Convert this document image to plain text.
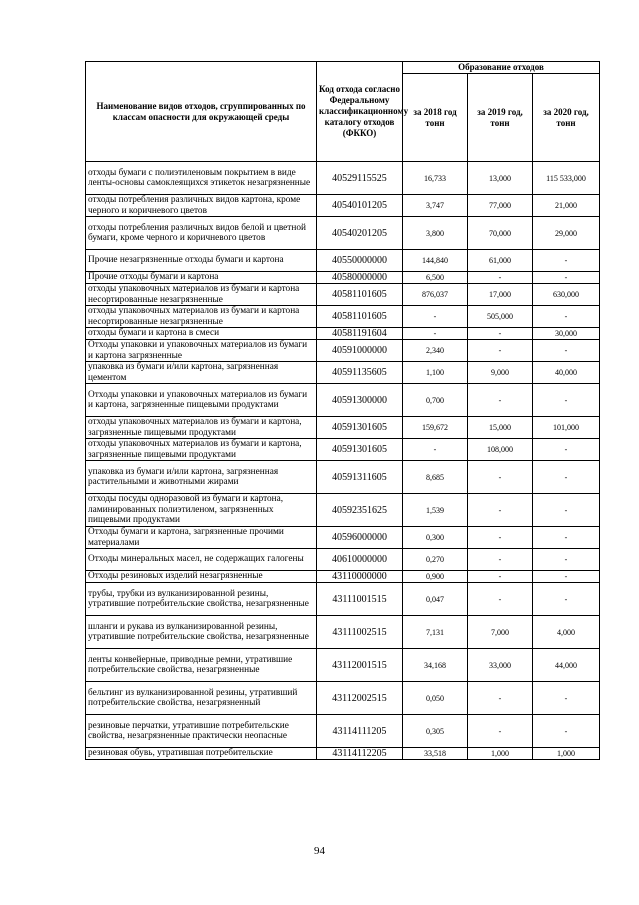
Наименование видов отходов, сгруппированных по классам опасности для окружающей среды	Код отхода согласно Федеральному классификационному каталогу отходов (ФККО)	Образование отходов		
		за 2018 год тонн	за 2019 год, тонн	за 2020 год, тонн
отходы бумаги с полиэтиленовым покрытием в виде ленты-основы самоклеящихся этикеток незагрязненные	40529115525	16,733	13,000	115 533,000
отходы потребления различных видов картона, кроме черного и коричневого цветов	40540101205	3,747	77,000	21,000
отходы потребления различных видов белой и цветной бумаги, кроме черного и коричневого цветов	40540201205	3,800	70,000	29,000
Прочие незагрязненные отходы бумаги и картона	40550000000	144,840	61,000	-
Прочие отходы бумаги и картона	40580000000	6,500	-	-
отходы упаковочных материалов из бумаги и картона несортированные незагрязненные	40581101605	876,037	17,000	630,000
отходы упаковочных материалов из бумаги и картона несортированные незагрязненные	40581101605	-	505,000	-
отходы бумаги и картона в смеси	40581191604	-	-	30,000
Отходы упаковки и упаковочных материалов из бумаги и картона загрязненные	40591000000	2,340	-	-
упаковка из бумаги и/или картона, загрязненная цементом	40591135605	1,100	9,000	40,000
Отходы упаковки и упаковочных материалов из бумаги и картона, загрязненные пищевыми продуктами	40591300000	0,700	-	-
отходы упаковочных материалов из бумаги и картона, загрязненные пищевыми продуктами	40591301605	159,672	15,000	101,000
отходы упаковочных материалов из бумаги и картона, загрязненные пищевыми продуктами	40591301605	-	108,000	-
упаковка из бумаги и/или картона, загрязненная растительными и животными жирами	40591311605	8,685	-	-
отходы посуды одноразовой из бумаги и картона, ламинированных полиэтиленом, загрязненных пищевыми продуктами	40592351625	1,539	-	-
Отходы бумаги и картона, загрязненные прочими материалами	40596000000	0,300	-	-
Отходы минеральных масел, не содержащих галогены	40610000000	0,270	-	-
Отходы резиновых изделий незагрязненные	43110000000	0,900	-	-
трубы, трубки из вулканизированной резины, утратившие потребительские свойства, незагрязненные	43111001515	0,047	-	-
шланги и рукава из вулканизированной резины, утратившие потребительские свойства, незагрязненные	43111002515	7,131	7,000	4,000
ленты конвейерные, приводные ремни, утратившие потребительские свойства, незагрязненные	43112001515	34,168	33,000	44,000
бельтинг из вулканизированной резины, утративший потребительские свойства, незагрязненный	43112002515	0,050	-	-
резиновые перчатки, утратившие потребительские свойства, незагрязненные практически неопасные	43114111205	0,305	-	-
резиновая обувь, утратившая потребительские	43114112205	33,518	1,000	1,000
94
